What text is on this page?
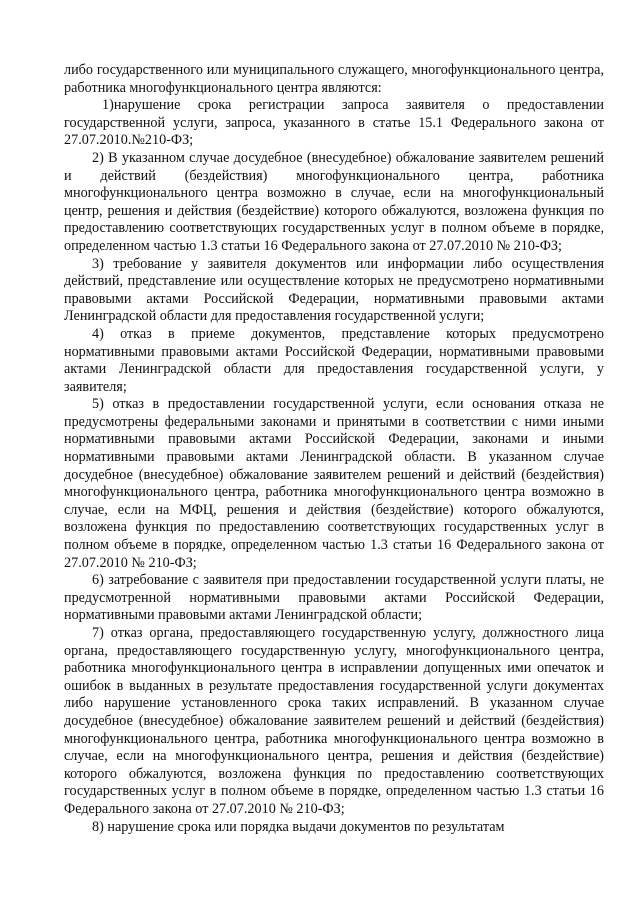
либо государственного или муниципального служащего, многофункционального центра, работника многофункционального центра являются:

1)нарушение срока регистрации запроса заявителя о предоставлении государственной услуги, запроса, указанного в статье 15.1 Федерального закона от 27.07.2010.№210-ФЗ;

2) В указанном случае досудебное (внесудебное) обжалование заявителем решений и действий (бездействия) многофункционального центра, работника многофункционального центра возможно в случае, если на многофункциональный центр, решения и действия (бездействие) которого обжалуются, возложена функция по предоставлению соответствующих государственных услуг в полном объеме в порядке, определенном частью 1.3 статьи 16 Федерального закона от 27.07.2010 № 210-ФЗ;

3) требование у заявителя документов или информации либо осуществления действий, представление или осуществление которых не предусмотрено нормативными правовыми актами Российской Федерации, нормативными правовыми актами Ленинградской области для предоставления государственной услуги;

4) отказ в приеме документов, представление которых предусмотрено нормативными правовыми актами Российской Федерации, нормативными правовыми актами Ленинградской области для предоставления государственной услуги, у заявителя;

5) отказ в предоставлении государственной услуги, если основания отказа не предусмотрены федеральными законами и принятыми в соответствии с ними иными нормативными правовыми актами Российской Федерации, законами и иными нормативными правовыми актами Ленинградской области. В указанном случае досудебное (внесудебное) обжалование заявителем решений и действий (бездействия) многофункционального центра, работника многофункционального центра возможно в случае, если на МФЦ, решения и действия (бездействие) которого обжалуются, возложена функция по предоставлению соответствующих государственных услуг в полном объеме в порядке, определенном частью 1.3 статьи 16 Федерального закона от 27.07.2010 № 210-ФЗ;

6) затребование с заявителя при предоставлении государственной услуги платы, не предусмотренной нормативными правовыми актами Российской Федерации, нормативными правовыми актами Ленинградской области;

7) отказ органа, предоставляющего государственную услугу, должностного лица органа, предоставляющего государственную услугу, многофункционального центра, работника многофункционального центра в исправлении допущенных ими опечаток и ошибок в выданных в результате предоставления государственной услуги документах либо нарушение установленного срока таких исправлений. В указанном случае досудебное (внесудебное) обжалование заявителем решений и действий (бездействия) многофункционального центра, работника многофункционального центра возможно в случае, если на многофункционального центра, решения и действия (бездействие) которого обжалуются, возложена функция по предоставлению соответствующих государственных услуг в полном объеме в порядке, определенном частью 1.3 статьи 16 Федерального закона от 27.07.2010 № 210-ФЗ;

8) нарушение срока или порядка выдачи документов по результатам
